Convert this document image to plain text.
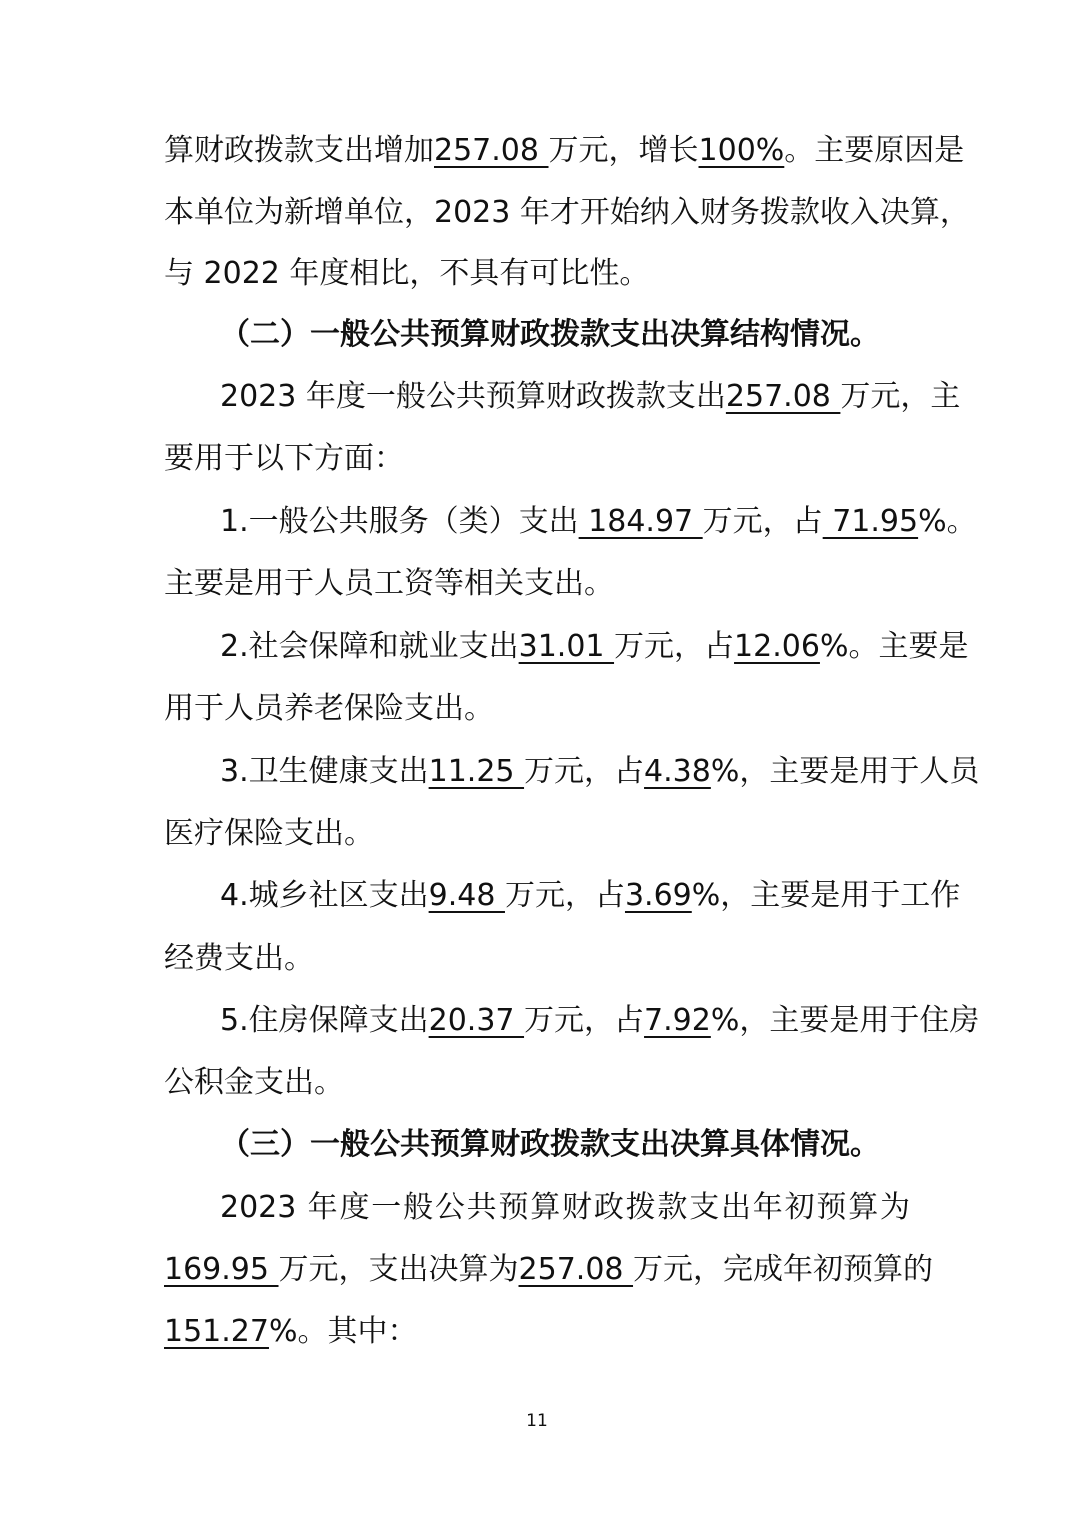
算财政拨款支出增加257.08 万元，增长100%。主要原因是
本单位为新增单位，2023 年才开始纳入财务拨款收入决算，
与 2022 年度相比，不具有可比性。
（二）一般公共预算财政拨款支出决算结构情况。
2023 年度一般公共预算财政拨款支出257.08 万元，主
要用于以下方面：
1.一般公共服务（类）支出 184.97 万元，占 71.95%。
主要是用于人员工资等相关支出。
2.社会保障和就业支出31.01 万元，占12.06%。主要是
用于人员养老保险支出。
3.卫生健康支出11.25 万元，占4.38%，主要是用于人员
医疗保险支出。
4.城乡社区支出9.48 万元，占3.69%，主要是用于工作
经费支出。
5.住房保障支出20.37 万元，占7.92%，主要是用于住房
公积金支出。
（三）一般公共预算财政拨款支出决算具体情况。
2023 年度一般公共预算财政拨款支出年初预算为
169.95 万元，支出决算为257.08 万元，完成年初预算的
151.27%。其中：
11
